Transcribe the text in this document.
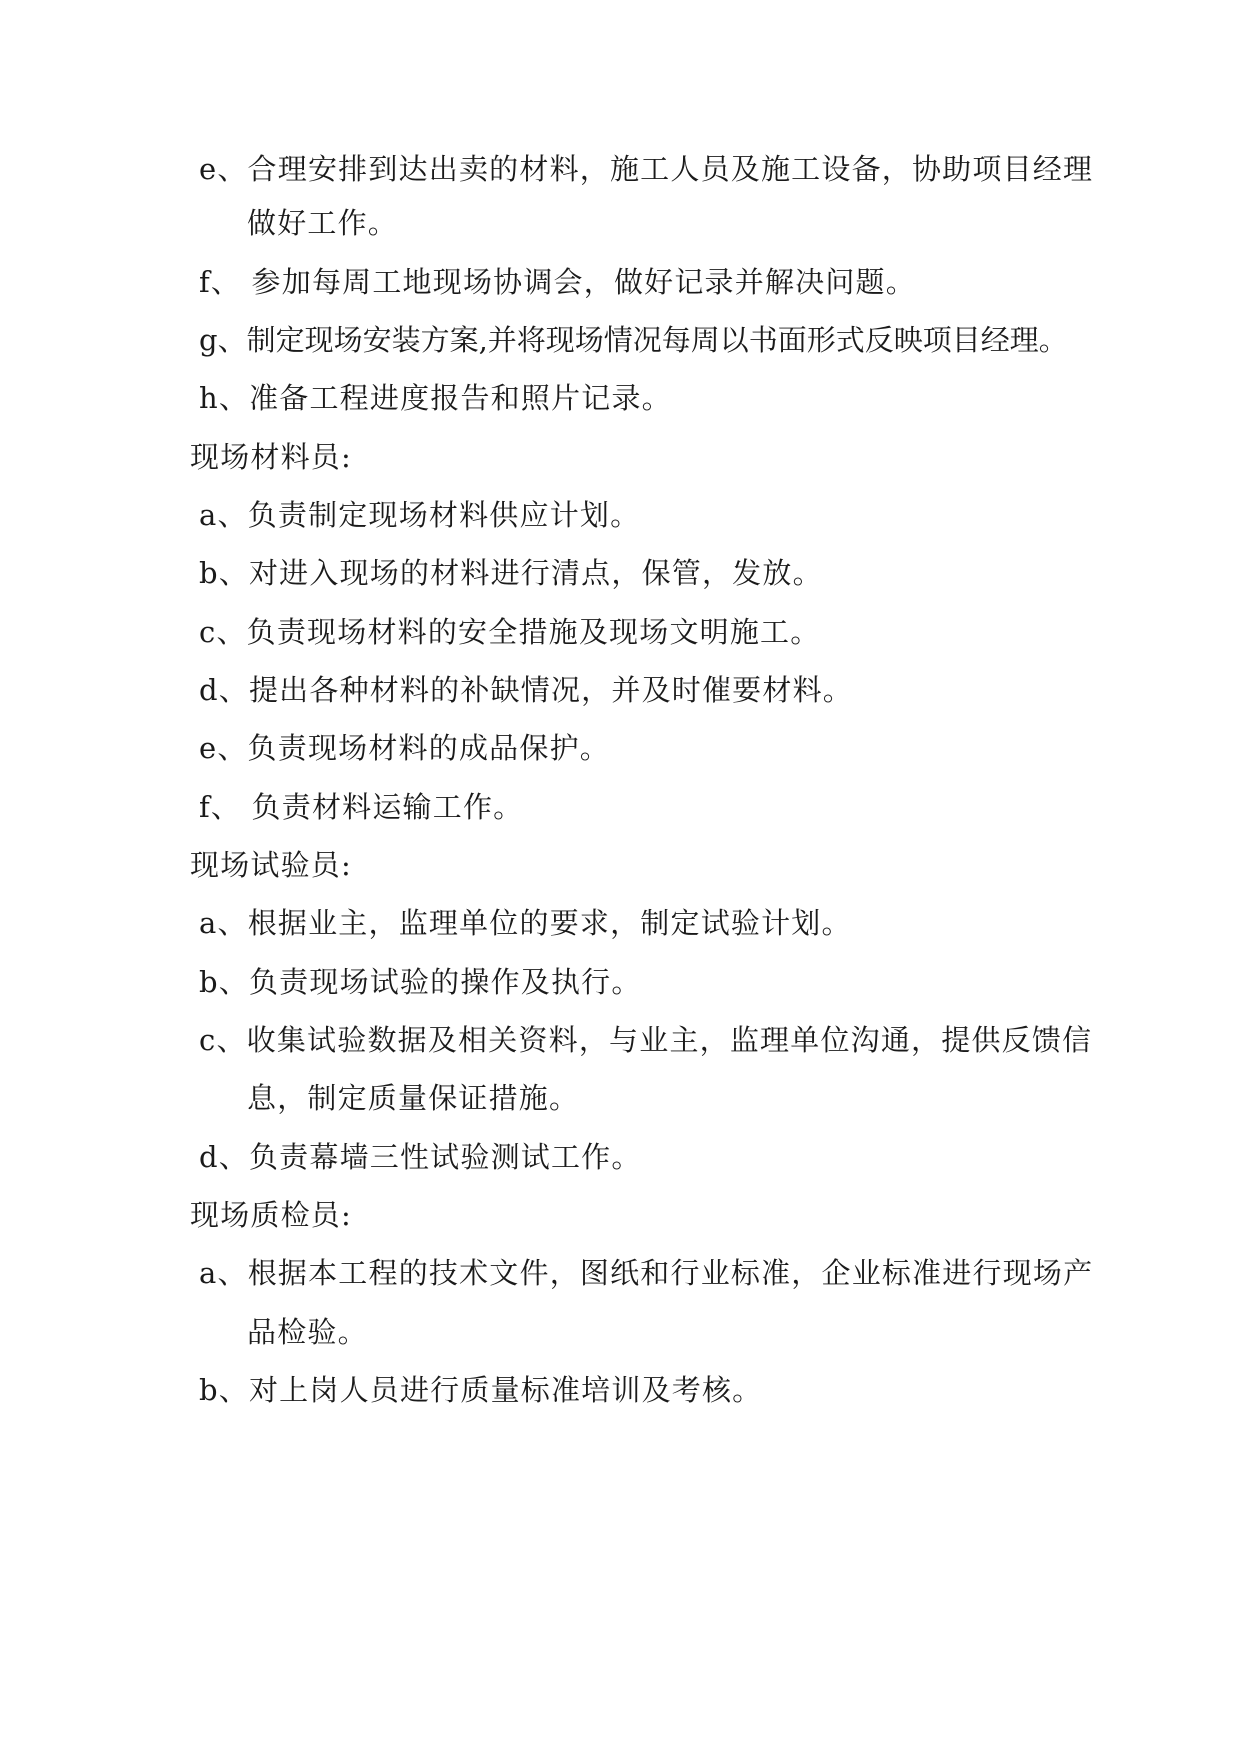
e、合理安排到达出卖的材料，施工人员及施工设备，协助项目经理
做好工作。
f、 参加每周工地现场协调会，做好记录并解决问题。
g、制定现场安装方案,并将现场情况每周以书面形式反映项目经理。
h、准备工程进度报告和照片记录。
现场材料员:
a、负责制定现场材料供应计划。
b、对进入现场的材料进行清点，保管，发放。
c、负责现场材料的安全措施及现场文明施工。
d、提出各种材料的补缺情况，并及时催要材料。
e、负责现场材料的成品保护。
f、 负责材料运输工作。
现场试验员:
a、根据业主，监理单位的要求，制定试验计划。
b、负责现场试验的操作及执行。
c、收集试验数据及相关资料，与业主，监理单位沟通，提供反馈信
息，制定质量保证措施。
d、负责幕墙三性试验测试工作。
现场质检员:
a、根据本工程的技术文件，图纸和行业标准，企业标准进行现场产
品检验。
b、对上岗人员进行质量标准培训及考核。
